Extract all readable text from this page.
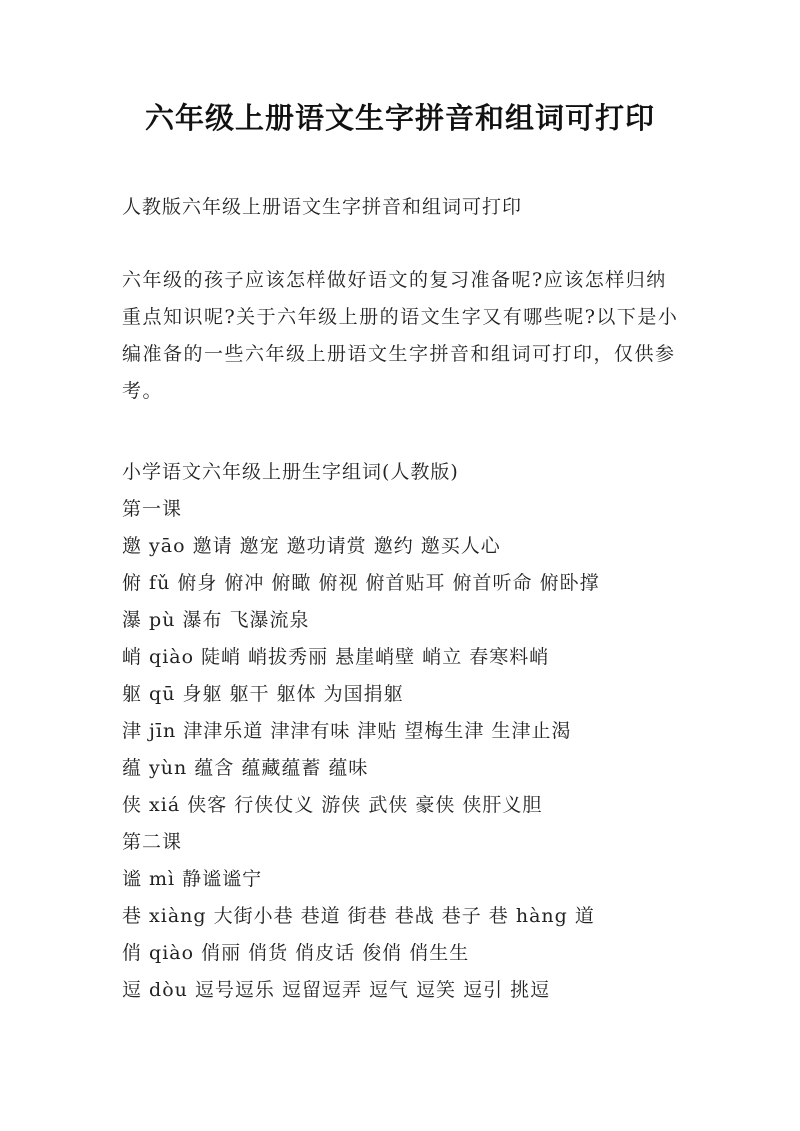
六年级上册语文生字拼音和组词可打印
人教版六年级上册语文生字拼音和组词可打印
六年级的孩子应该怎样做好语文的复习准备呢?应该怎样归纳重点知识呢?关于六年级上册的语文生字又有哪些呢?以下是小编准备的一些六年级上册语文生字拼音和组词可打印，仅供参考。
小学语文六年级上册生字组词(人教版)
第一课
邀 yāo 邀请 邀宠 邀功请赏 邀约 邀买人心
俯 fǔ 俯身 俯冲 俯瞰 俯视 俯首贴耳 俯首听命 俯卧撑
瀑 pù 瀑布 飞瀑流泉
峭 qiào 陡峭 峭拔秀丽 悬崖峭壁 峭立 春寒料峭
躯 qū 身躯 躯干 躯体 为国捐躯
津 jīn 津津乐道 津津有味 津贴 望梅生津 生津止渴
蕴 yùn 蕴含 蕴藏蕴蓄 蕴味
侠 xiá 侠客 行侠仗义 游侠 武侠 豪侠 侠肝义胆
第二课
谧 mì 静谧谧宁
巷 xiàng 大街小巷 巷道 街巷 巷战 巷子 巷 hàng 道
俏 qiào 俏丽 俏货 俏皮话 俊俏 俏生生
逗 dòu 逗号逗乐 逗留逗弄 逗气 逗笑 逗引 挑逗
